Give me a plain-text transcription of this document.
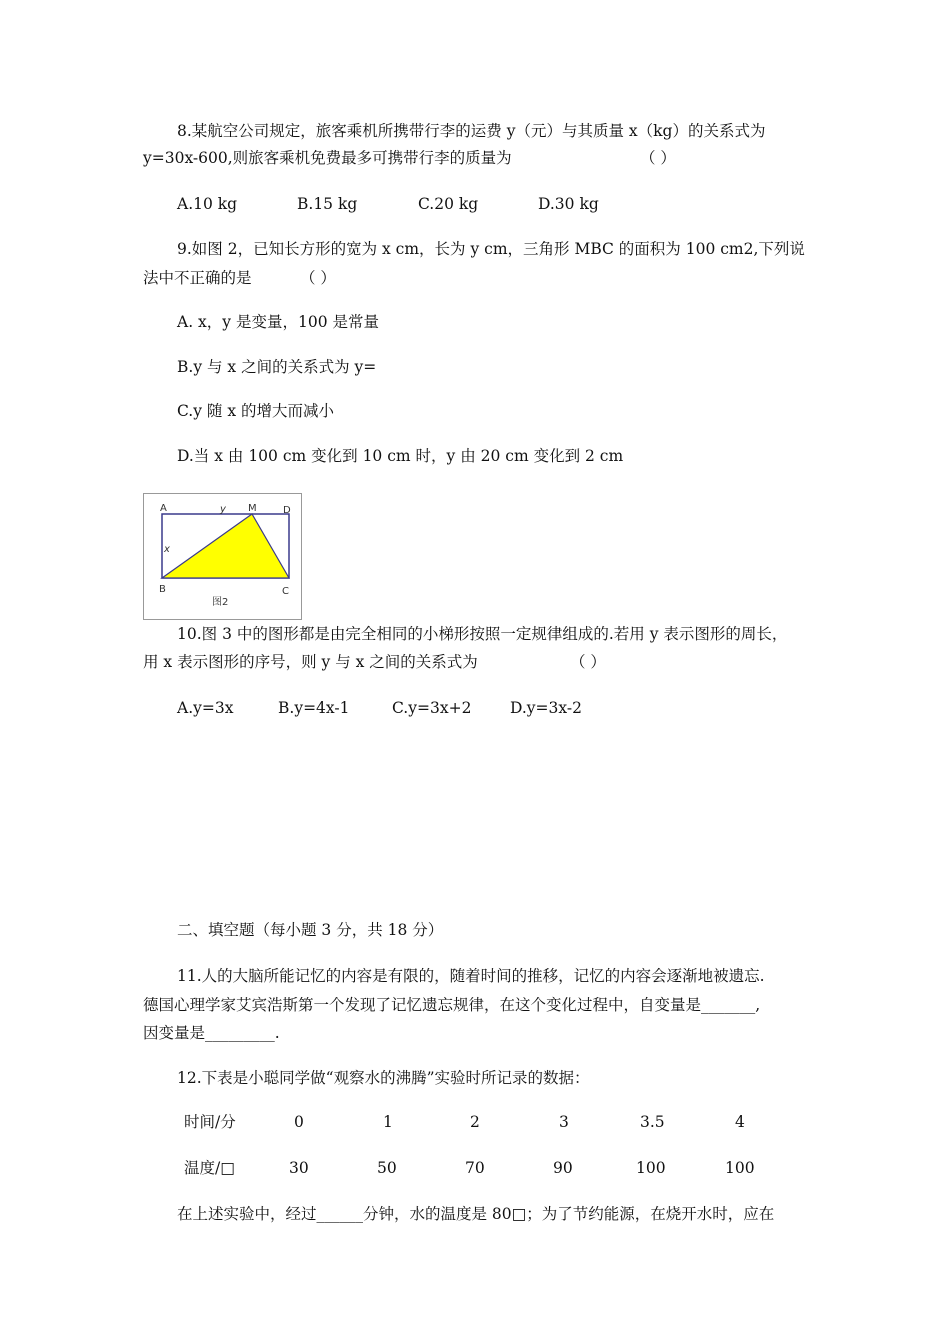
8.某航空公司规定，旅客乘机所携带行李的运费 y（元）与其质量 x（kg）的关系式为
y=30x-600,则旅客乘机免费最多可携带行李的质量为	（ ）
A.10 kg	B.15 kg	C.20 kg	D.30 kg
9.如图 2，已知长方形的宽为 x cm，长为 y cm，三角形 MBC 的面积为 100 cm2,下列说
法中不正确的是	（ ）
A. x，y 是变量，100 是常量
B.y 与 x 之间的关系式为 y=
C.y 随 x 的增大而减小
D.当 x 由 100 cm 变化到 10 cm 时，y 由 20 cm 变化到 2 cm
A	y M	D
x
B	C
图2
10.图 3 中的图形都是由完全相同的小梯形按照一定规律组成的.若用 y 表示图形的周长，
用 x 表示图形的序号，则 y 与 x 之间的关系式为	（ ）
A.y=3x	B.y=4x-1	C.y=3x+2 D.y=3x-2
二、填空题（每小题 3 分，共 18 分）
11.人的大脑所能记忆的内容是有限的，随着时间的推移，记忆的内容会逐渐地被遗忘.
德国心理学家艾宾浩斯第一个发现了记忆遗忘规律，在这个变化过程中，自变量是_______,
因变量是_________.
12.下表是小聪同学做“观察水的沸腾”实验时所记录的数据：
时间/分	0	1	2	3	3.5	4
温度/□	30	50	70	90	100	100
在上述实验中，经过______分钟，水的温度是 80□；为了节约能源，在烧开水时，应在
